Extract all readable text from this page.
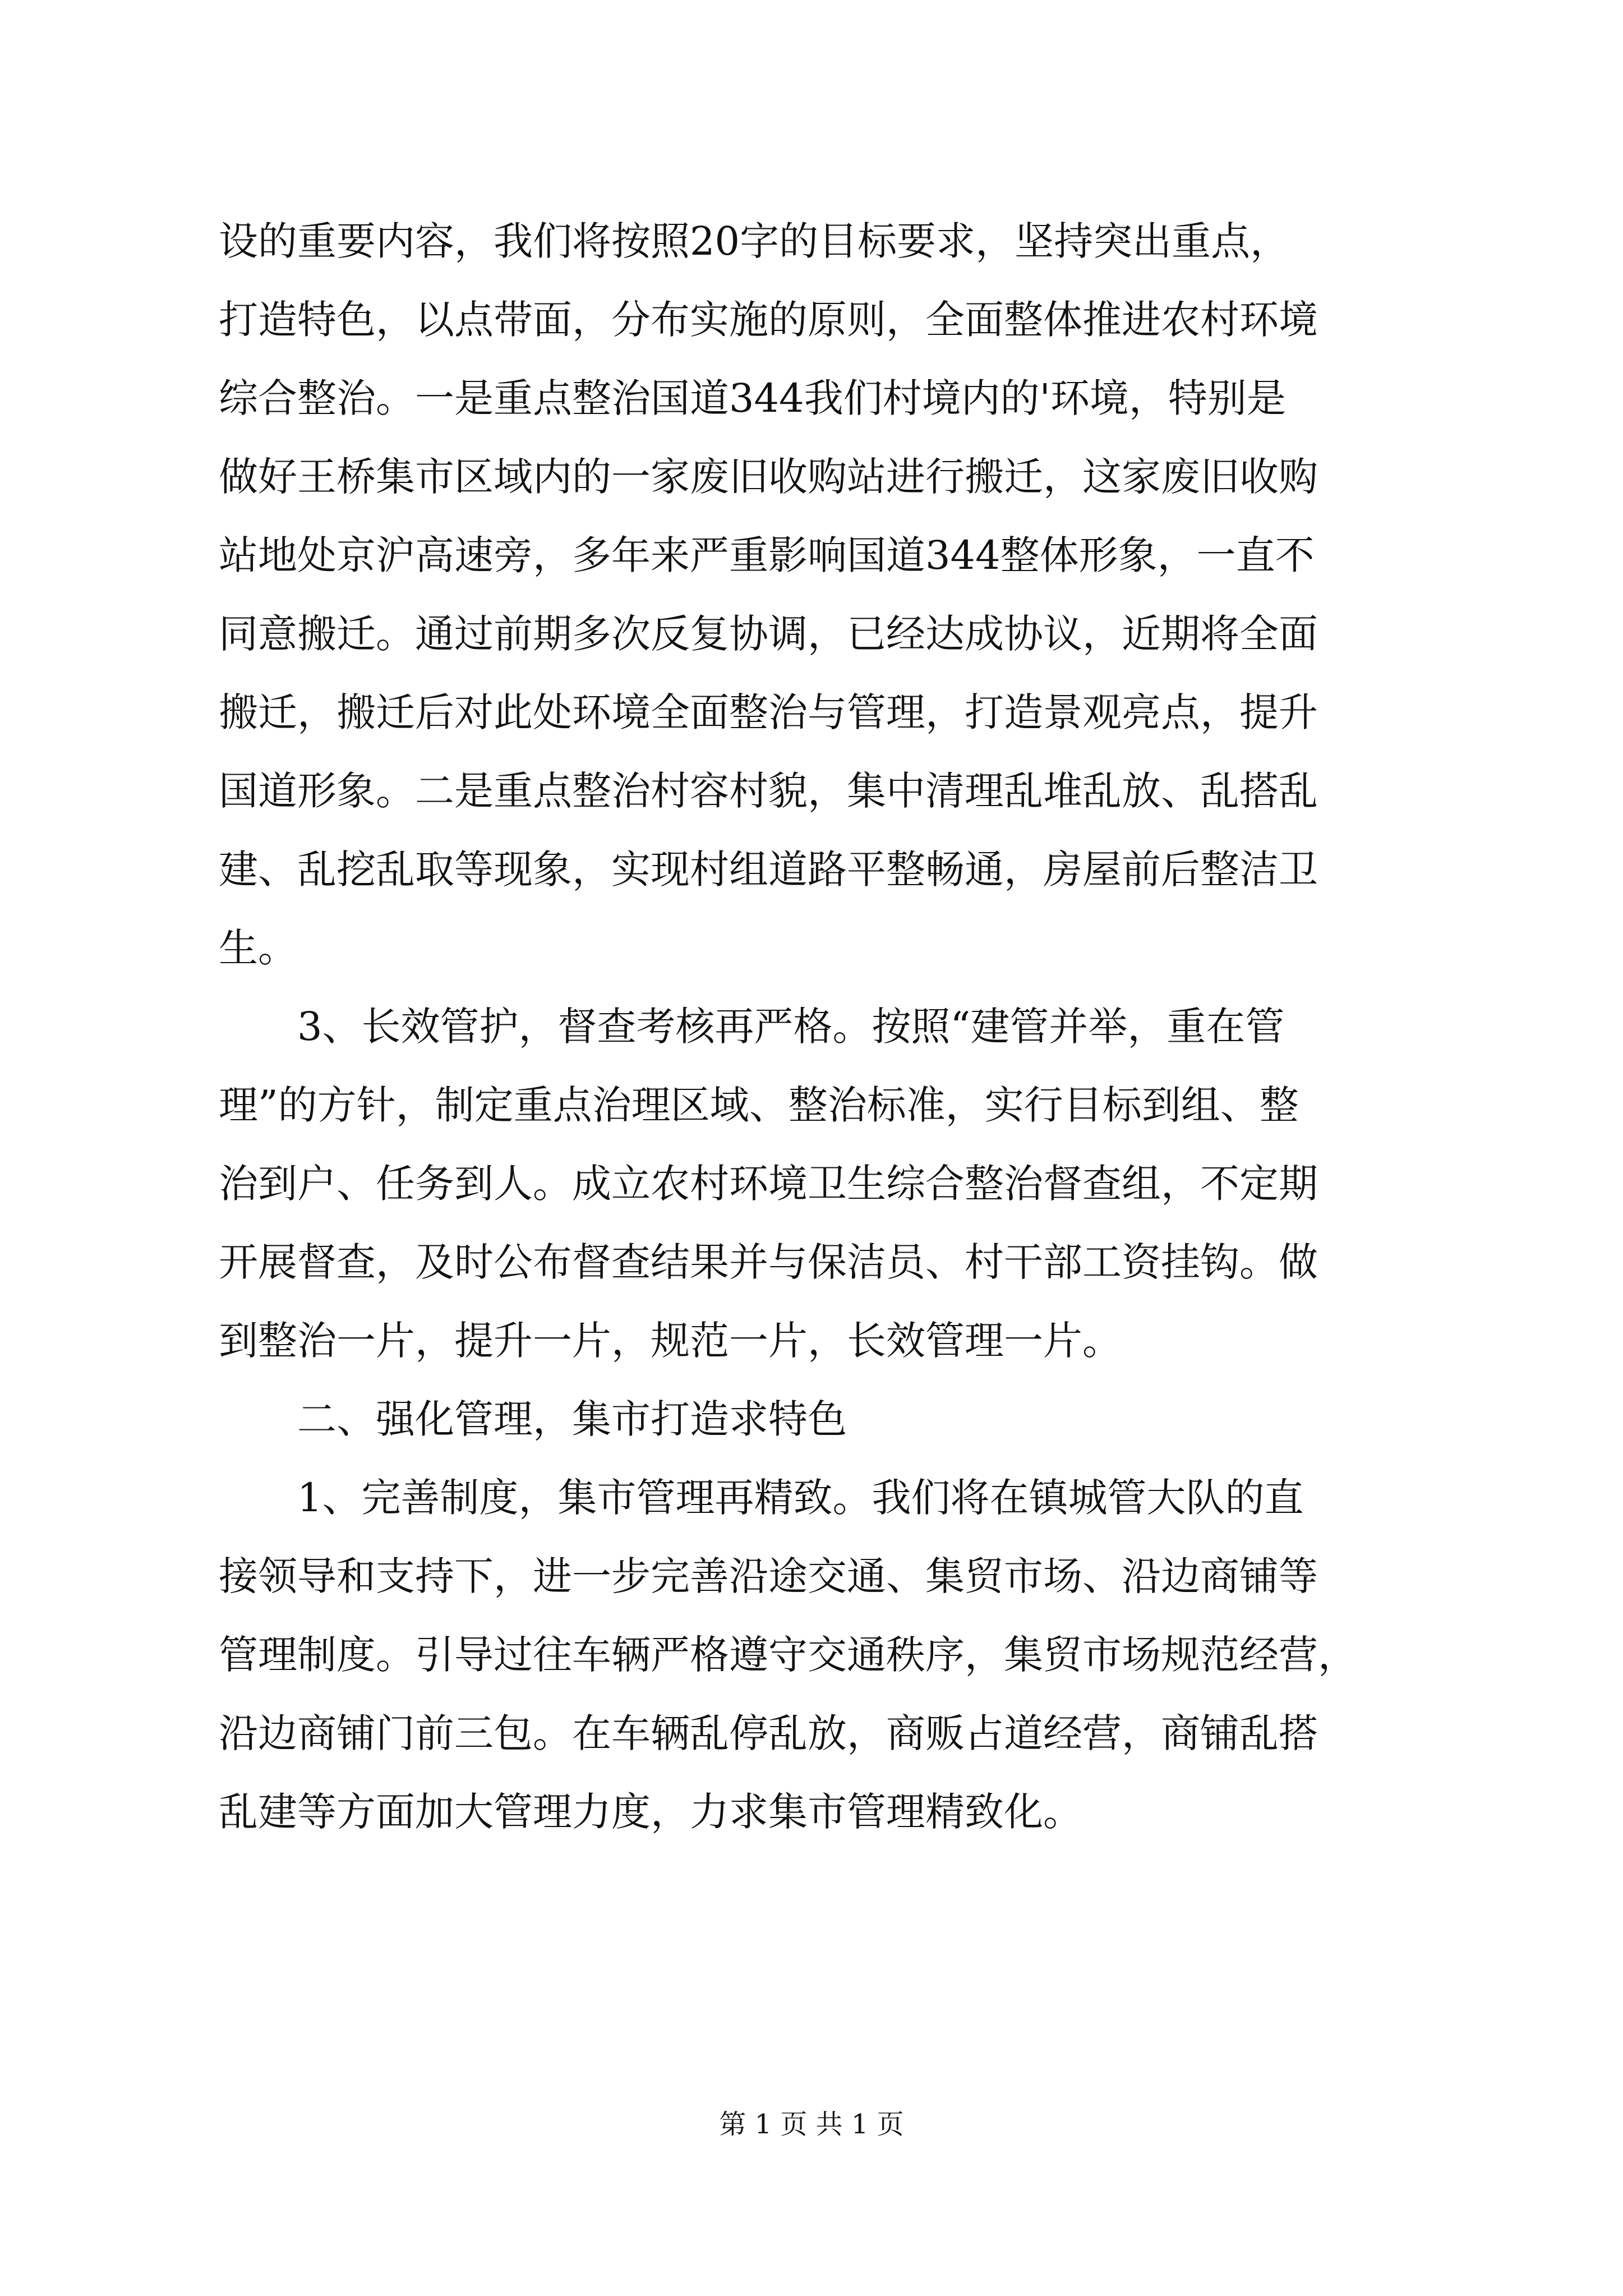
设的重要内容，我们将按照20字的目标要求，坚持突出重点，
打造特色，以点带面，分布实施的原则，全面整体推进农村环境
综合整治。一是重点整治国道344我们村境内的'环境，特别是
做好王桥集市区域内的一家废旧收购站进行搬迁，这家废旧收购
站地处京沪高速旁，多年来严重影响国道344整体形象，一直不
同意搬迁。通过前期多次反复协调，已经达成协议，近期将全面
搬迁，搬迁后对此处环境全面整治与管理，打造景观亮点，提升
国道形象。二是重点整治村容村貌，集中清理乱堆乱放、乱搭乱
建、乱挖乱取等现象，实现村组道路平整畅通，房屋前后整洁卫
生。
　　3、长效管护，督查考核再严格。按照“建管并举，重在管
理”的方针，制定重点治理区域、整治标准，实行目标到组、整
治到户、任务到人。成立农村环境卫生综合整治督查组，不定期
开展督查，及时公布督查结果并与保洁员、村干部工资挂钩。做
到整治一片，提升一片，规范一片，长效管理一片。
　　二、强化管理，集市打造求特色
　　1、完善制度，集市管理再精致。我们将在镇城管大队的直
接领导和支持下，进一步完善沿途交通、集贸市场、沿边商铺等
管理制度。引导过往车辆严格遵守交通秩序，集贸市场规范经营，
沿边商铺门前三包。在车辆乱停乱放，商贩占道经营，商铺乱搭
乱建等方面加大管理力度，力求集市管理精致化。
第 1 页 共 1 页
